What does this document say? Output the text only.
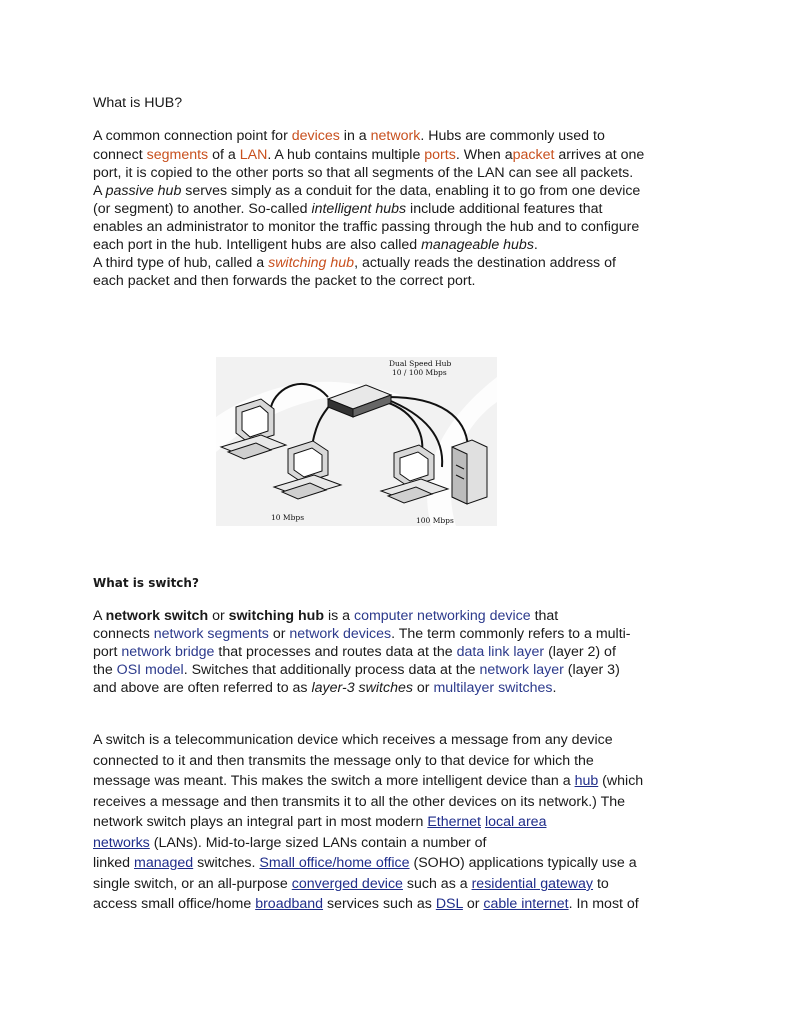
What is HUB?
A common connection point for devices in a network. Hubs are commonly used to
connect segments of a LAN. A hub contains multiple ports. When apacket arrives at one
port, it is copied to the other ports so that all segments of the LAN can see all packets.
A passive hub serves simply as a conduit for the data, enabling it to go from one device
(or segment) to another. So-called intelligent hubs include additional features that
enables an administrator to monitor the traffic passing through the hub and to configure
each port in the hub. Intelligent hubs are also called manageable hubs.
A third type of hub, called a switching hub, actually reads the destination address of
each packet and then forwards the packet to the correct port.
What is switch?
A network switch or switching hub is a computer networking device that
connects network segments or network devices. The term commonly refers to a multi-
port network bridge that processes and routes data at the data link layer (layer 2) of
the OSI model. Switches that additionally process data at the network layer (layer 3)
and above are often referred to as layer-3 switches or multilayer switches.
A switch is a telecommunication device which receives a message from any device
connected to it and then transmits the message only to that device for which the
message was meant. This makes the switch a more intelligent device than a hub (which
receives a message and then transmits it to all the other devices on its network.) The
network switch plays an integral part in most modern Ethernet local area
networks (LANs). Mid-to-large sized LANs contain a number of
linked managed switches. Small office/home office (SOHO) applications typically use a
single switch, or an all-purpose converged device such as a residential gateway to
access small office/home broadband services such as DSL or cable internet. In most of
Dual Speed Hub
10 / 100 Mbps
10 Mbps	100 Mbps
